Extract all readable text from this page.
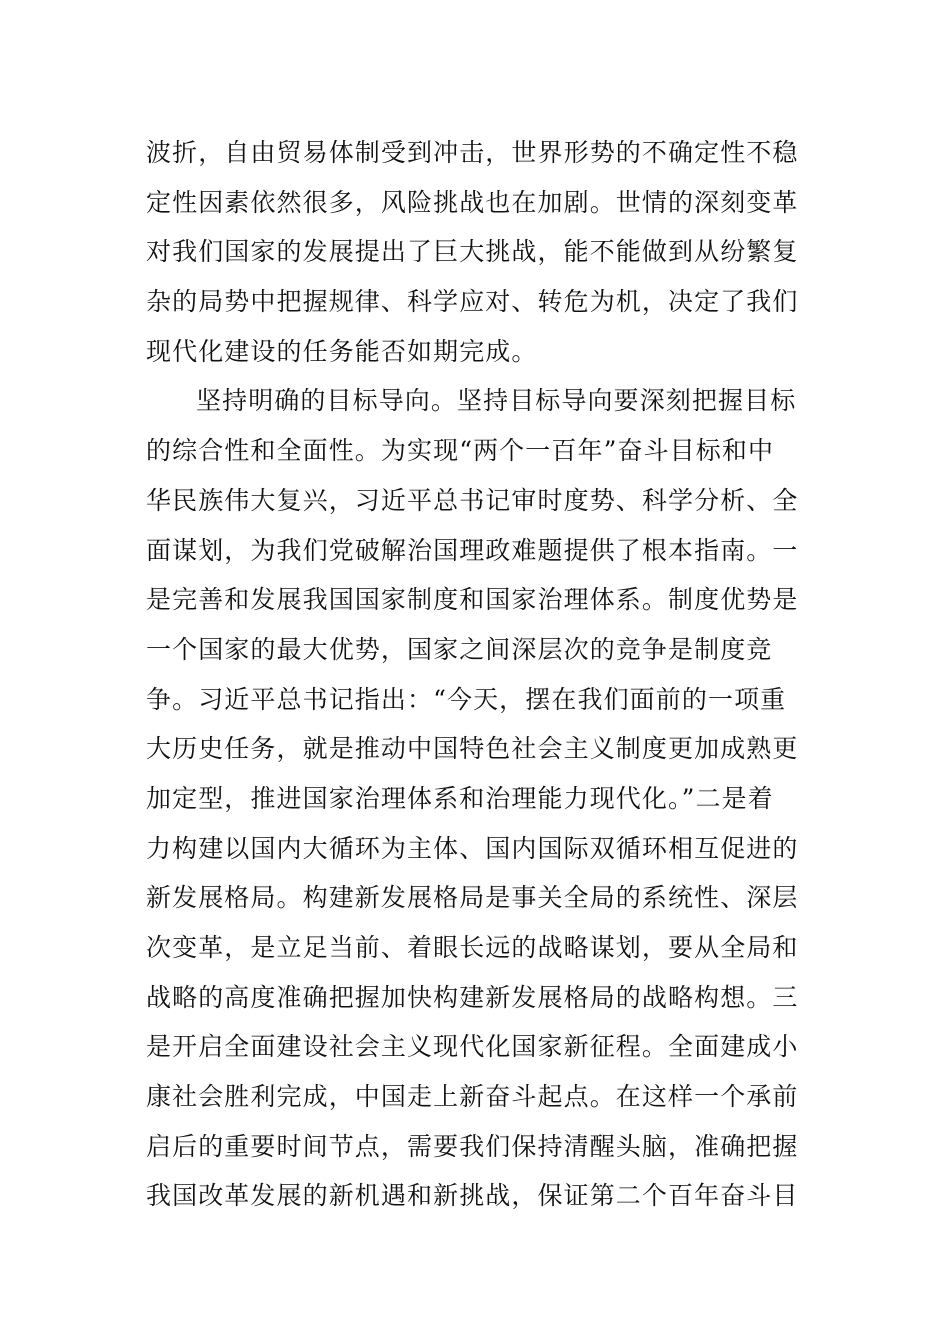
波折，自由贸易体制受到冲击，世界形势的不确定性不稳
定性因素依然很多，风险挑战也在加剧。世情的深刻变革
对我们国家的发展提出了巨大挑战，能不能做到从纷繁复
杂的局势中把握规律、科学应对、转危为机，决定了我们
现代化建设的任务能否如期完成。
坚持明确的目标导向。坚持目标导向要深刻把握目标
的综合性和全面性。为实现“两个一百年”奋斗目标和中
华民族伟大复兴，习近平总书记审时度势、科学分析、全
面谋划，为我们党破解治国理政难题提供了根本指南。一
是完善和发展我国国家制度和国家治理体系。制度优势是
一个国家的最大优势，国家之间深层次的竞争是制度竞
争。习近平总书记指出：“今天，摆在我们面前的一项重
大历史任务，就是推动中国特色社会主义制度更加成熟更
加定型，推进国家治理体系和治理能力现代化。”二是着
力构建以国内大循环为主体、国内国际双循环相互促进的
新发展格局。构建新发展格局是事关全局的系统性、深层
次变革，是立足当前、着眼长远的战略谋划，要从全局和
战略的高度准确把握加快构建新发展格局的战略构想。三
是开启全面建设社会主义现代化国家新征程。全面建成小
康社会胜利完成，中国走上新奋斗起点。在这样一个承前
启后的重要时间节点，需要我们保持清醒头脑，准确把握
我国改革发展的新机遇和新挑战，保证第二个百年奋斗目
